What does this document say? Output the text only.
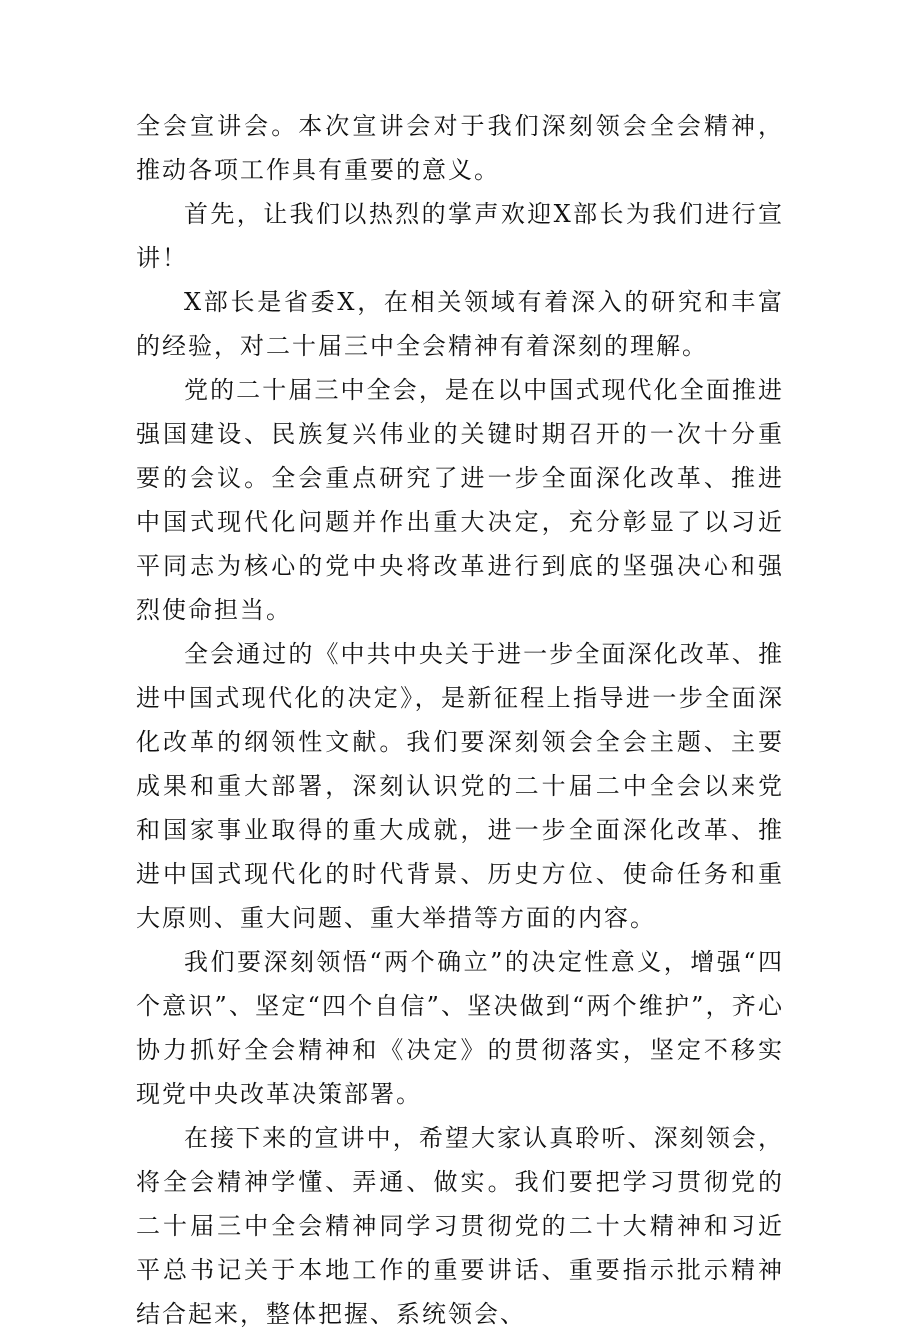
全会宣讲会。本次宣讲会对于我们深刻领会全会精神，推动各项工作具有重要的意义。

首先，让我们以热烈的掌声欢迎X部长为我们进行宣讲！

X部长是省委X，在相关领域有着深入的研究和丰富的经验，对二十届三中全会精神有着深刻的理解。

党的二十届三中全会，是在以中国式现代化全面推进强国建设、民族复兴伟业的关键时期召开的一次十分重要的会议。全会重点研究了进一步全面深化改革、推进中国式现代化问题并作出重大决定，充分彰显了以习近平同志为核心的党中央将改革进行到底的坚强决心和强烈使命担当。

全会通过的《中共中央关于进一步全面深化改革、推进中国式现代化的决定》，是新征程上指导进一步全面深化改革的纲领性文献。我们要深刻领会全会主题、主要成果和重大部署，深刻认识党的二十届二中全会以来党和国家事业取得的重大成就，进一步全面深化改革、推进中国式现代化的时代背景、历史方位、使命任务和重大原则、重大问题、重大举措等方面的内容。

我们要深刻领悟“两个确立”的决定性意义，增强“四个意识”、坚定“四个自信”、坚决做到“两个维护”，齐心协力抓好全会精神和《决定》的贯彻落实，坚定不移实现党中央改革决策部署。

在接下来的宣讲中，希望大家认真聆听、深刻领会，将全会精神学懂、弄通、做实。我们要把学习贯彻党的二十届三中全会精神同学习贯彻党的二十大精神和习近平总书记关于本地工作的重要讲话、重要指示批示精神结合起来，整体把握、系统领会、
